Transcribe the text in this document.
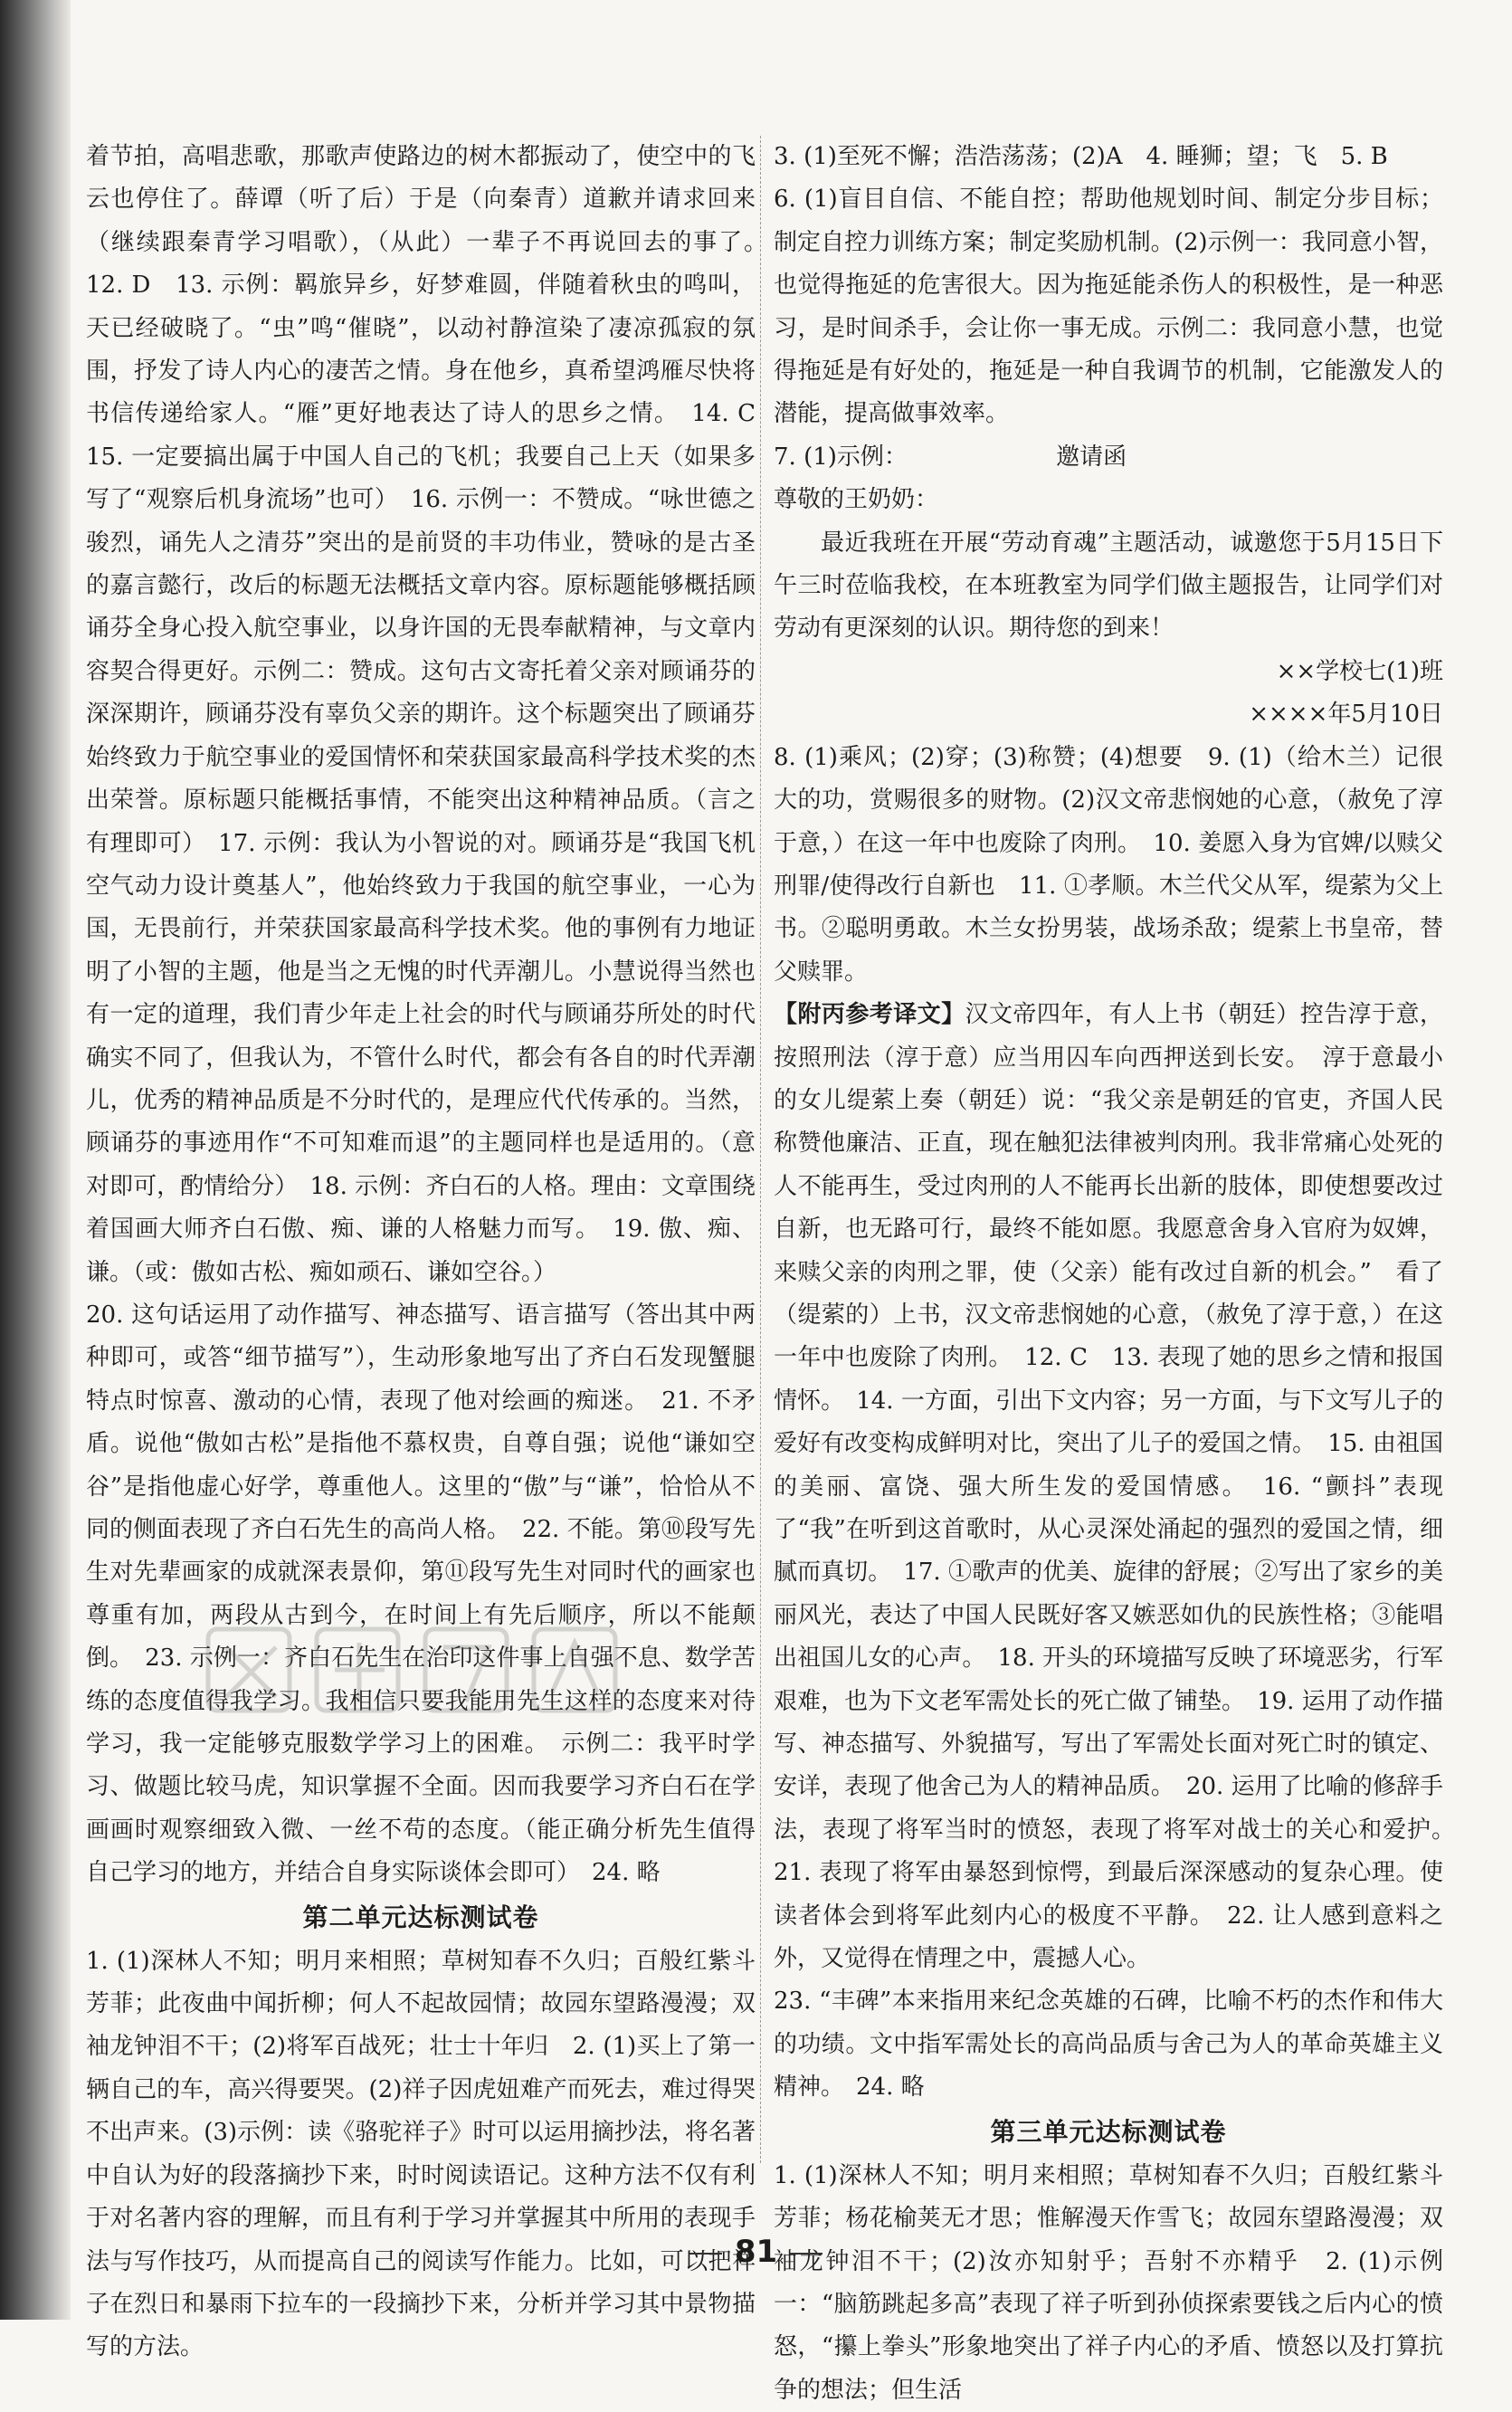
着节拍，高唱悲歌，那歌声使路边的树木都振动了，使空中的飞云也停住了。薛谭（听了后）于是（向秦青）道歉并请求回来（继续跟秦青学习唱歌），（从此）一辈子不再说回去的事了。　12. D　13. 示例：羁旅异乡，好梦难圆，伴随着秋虫的鸣叫，天已经破晓了。“虫”鸣“催晓”，以动衬静渲染了凄凉孤寂的氛围，抒发了诗人内心的凄苦之情。身在他乡，真希望鸿雁尽快将书信传递给家人。“雁”更好地表达了诗人的思乡之情。　14. C　15. 一定要搞出属于中国人自己的飞机；我要自己上天（如果多写了“观察后机身流场”也可）　16. 示例一：不赞成。“咏世德之骏烈，诵先人之清芬”突出的是前贤的丰功伟业，赞咏的是古圣的嘉言懿行，改后的标题无法概括文章内容。原标题能够概括顾诵芬全身心投入航空事业，以身许国的无畏奉献精神，与文章内容契合得更好。示例二：赞成。这句古文寄托着父亲对顾诵芬的深深期许，顾诵芬没有辜负父亲的期许。这个标题突出了顾诵芬始终致力于航空事业的爱国情怀和荣获国家最高科学技术奖的杰出荣誉。原标题只能概括事情，不能突出这种精神品质。（言之有理即可）　17. 示例：我认为小智说的对。顾诵芬是“我国飞机空气动力设计奠基人”，他始终致力于我国的航空事业，一心为国，无畏前行，并荣获国家最高科学技术奖。他的事例有力地证明了小智的主题，他是当之无愧的时代弄潮儿。小慧说得当然也有一定的道理，我们青少年走上社会的时代与顾诵芬所处的时代确实不同了，但我认为，不管什么时代，都会有各自的时代弄潮儿，优秀的精神品质是不分时代的，是理应代代传承的。当然，顾诵芬的事迹用作“不可知难而退”的主题同样也是适用的。（意对即可，酌情给分）　18. 示例：齐白石的人格。理由：文章围绕着国画大师齐白石傲、痴、谦的人格魅力而写。　19. 傲、痴、谦。（或：傲如古松、痴如顽石、谦如空谷。）

20. 这句话运用了动作描写、神态描写、语言描写（答出其中两种即可，或答“细节描写”），生动形象地写出了齐白石发现蟹腿特点时惊喜、激动的心情，表现了他对绘画的痴迷。　21. 不矛盾。说他“傲如古松”是指他不慕权贵，自尊自强；说他“谦如空谷”是指他虚心好学，尊重他人。这里的“傲”与“谦”，恰恰从不同的侧面表现了齐白石先生的高尚人格。　22. 不能。第⑩段写先生对先辈画家的成就深表景仰，第⑪段写先生对同时代的画家也尊重有加，两段从古到今，在时间上有先后顺序，所以不能颠倒。　23. 示例一：齐白石先生在治印这件事上自强不息、数学苦练的态度值得我学习。我相信只要我能用先生这样的态度来对待学习，我一定能够克服数学学习上的困难。　示例二：我平时学习、做题比较马虎，知识掌握不全面。因而我要学习齐白石在学画画时观察细致入微、一丝不苟的态度。（能正确分析先生值得自己学习的地方，并结合自身实际谈体会即可）　24. 略

第二单元达标测试卷

1. (1)深林人不知；明月来相照；草树知春不久归；百般红紫斗芳菲；此夜曲中闻折柳；何人不起故园情；故园东望路漫漫；双袖龙钟泪不干；(2)将军百战死；壮士十年归　2. (1)买上了第一辆自己的车，高兴得要哭。(2)祥子因虎妞难产而死去，难过得哭不出声来。(3)示例：读《骆驼祥子》时可以运用摘抄法，将名著中自认为好的段落摘抄下来，时时阅读语记。这种方法不仅有利于对名著内容的理解，而且有利于学习并掌握其中所用的表现手法与写作技巧，从而提高自己的阅读写作能力。比如，可以把祥子在烈日和暴雨下拉车的一段摘抄下来，分析并学习其中景物描写的方法。

3. (1)至死不懈；浩浩荡荡；(2)A　4. 睡狮；望；飞　5. B

6. (1)盲目自信、不能自控；帮助他规划时间、制定分步目标；制定自控力训练方案；制定奖励机制。(2)示例一：我同意小智，也觉得拖延的危害很大。因为拖延能杀伤人的积极性，是一种恶习，是时间杀手，会让你一事无成。示例二：我同意小慧，也觉得拖延是有好处的，拖延是一种自我调节的机制，它能激发人的潜能，提高做事效率。

7. (1)示例：	邀请函

尊敬的王奶奶：

最近我班在开展“劳动育魂”主题活动，诚邀您于5月15日下午三时莅临我校，在本班教室为同学们做主题报告，让同学们对劳动有更深刻的认识。期待您的到来！

××学校七(1)班

××××年5月10日

8. (1)乘风；(2)穿；(3)称赞；(4)想要　9. (1)（给木兰）记很大的功，赏赐很多的财物。(2)汉文帝悲悯她的心意，（赦免了淳于意，）在这一年中也废除了肉刑。　10. 姜愿入身为官婢/以赎父刑罪/使得改行自新也　11. ①孝顺。木兰代父从军，缇萦为父上书。②聪明勇敢。木兰女扮男装，战场杀敌；缇萦上书皇帝，替父赎罪。

【附丙参考译文】汉文帝四年，有人上书（朝廷）控告淳于意，按照刑法（淳于意）应当用囚车向西押送到长安。　淳于意最小的女儿缇萦上奏（朝廷）说：“我父亲是朝廷的官吏，齐国人民称赞他廉洁、正直，现在触犯法律被判肉刑。我非常痛心处死的人不能再生，受过肉刑的人不能再长出新的肢体，即使想要改过自新，也无路可行，最终不能如愿。我愿意舍身入官府为奴婢，来赎父亲的肉刑之罪，使（父亲）能有改过自新的机会。”　看了（缇萦的）上书，汉文帝悲悯她的心意，（赦免了淳于意，）在这一年中也废除了肉刑。　12. C　13. 表现了她的思乡之情和报国情怀。　14. 一方面，引出下文内容；另一方面，与下文写儿子的爱好有改变构成鲜明对比，突出了儿子的爱国之情。　15. 由祖国的美丽、富饶、强大所生发的爱国情感。　16. “颤抖”表现了“我”在听到这首歌时，从心灵深处涌起的强烈的爱国之情，细腻而真切。　17. ①歌声的优美、旋律的舒展；②写出了家乡的美丽风光，表达了中国人民既好客又嫉恶如仇的民族性格；③能唱出祖国儿女的心声。　18. 开头的环境描写反映了环境恶劣，行军艰难，也为下文老军需处长的死亡做了铺垫。　19. 运用了动作描写、神态描写、外貌描写，写出了军需处长面对死亡时的镇定、安详，表现了他舍己为人的精神品质。　20. 运用了比喻的修辞手法，表现了将军当时的愤怒，表现了将军对战士的关心和爱护。　21. 表现了将军由暴怒到惊愕，到最后深深感动的复杂心理。使读者体会到将军此刻内心的极度不平静。　22. 让人感到意料之外，又觉得在情理之中，震撼人心。

23. “丰碑”本来指用来纪念英雄的石碑，比喻不朽的杰作和伟大的功绩。文中指军需处长的高尚品质与舍己为人的革命英雄主义精神。　24. 略

第三单元达标测试卷

1. (1)深林人不知；明月来相照；草树知春不久归；百般红紫斗芳菲；杨花榆荚无才思；惟解漫天作雪飞；故园东望路漫漫；双袖龙钟泪不干；(2)汝亦知射乎；吾射不亦精乎　2. (1)示例一：“脑筋跳起多高”表现了祥子听到孙侦探索要钱之后内心的愤怒，“攥上拳头”形象地突出了祥子内心的矛盾、愤怒以及打算抗争的想法；但生活

81
